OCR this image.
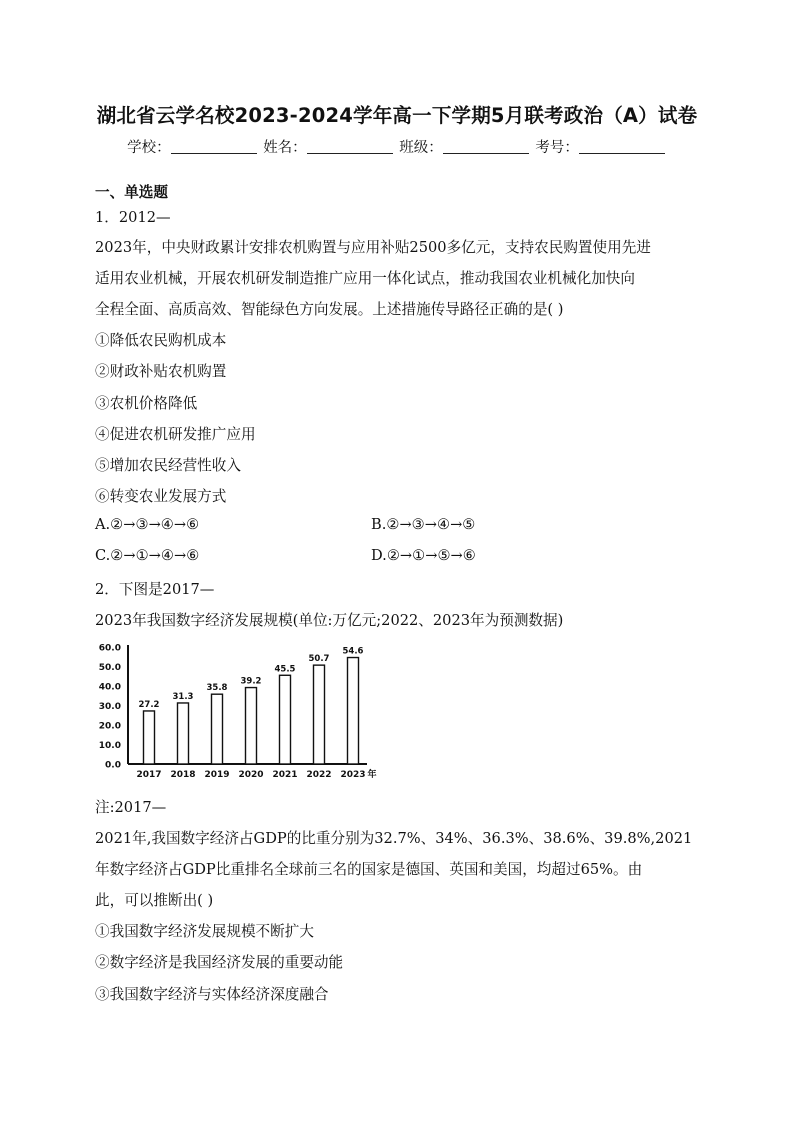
湖北省云学名校2023-2024学年高一下学期5月联考政治（A）试卷
学校：	姓名：	班级：	考号：
一、单选题
1．2012—
2023年，中央财政累计安排农机购置与应用补贴2500多亿元，支持农民购置使用先进
适用农业机械，开展农机研发制造推广应用一体化试点，推动我国农业机械化加快向
全程全面、高质高效、智能绿色方向发展。上述措施传导路径正确的是( )
①降低农民购机成本
②财政补贴农机购置
③农机价格降低
④促进农机研发推广应用
⑤增加农民经营性收入
⑥转变农业发展方式
A.②→③→④→⑥	B.②→③→④→⑤
C.②→①→④→⑥	D.②→①→⑤→⑥
2．下图是2017—
2023年我国数字经济发展规模(单位:万亿元;2022、2023年为预测数据)
0.0
10.0
20.0
30.0
40.0
50.0
60.0
27.2
2017
31.3
2018
35.8
2019
39.2
2020
45.5
2021
50.7
2022
54.6
2023 年
注:2017—
2021年,我国数字经济占GDP的比重分别为32.7%、34%、36.3%、38.6%、39.8%,2021
年数字经济占GDP比重排名全球前三名的国家是德国、英国和美国，均超过65%。由
此，可以推断出( )
①我国数字经济发展规模不断扩大
②数字经济是我国经济发展的重要动能
③我国数字经济与实体经济深度融合
